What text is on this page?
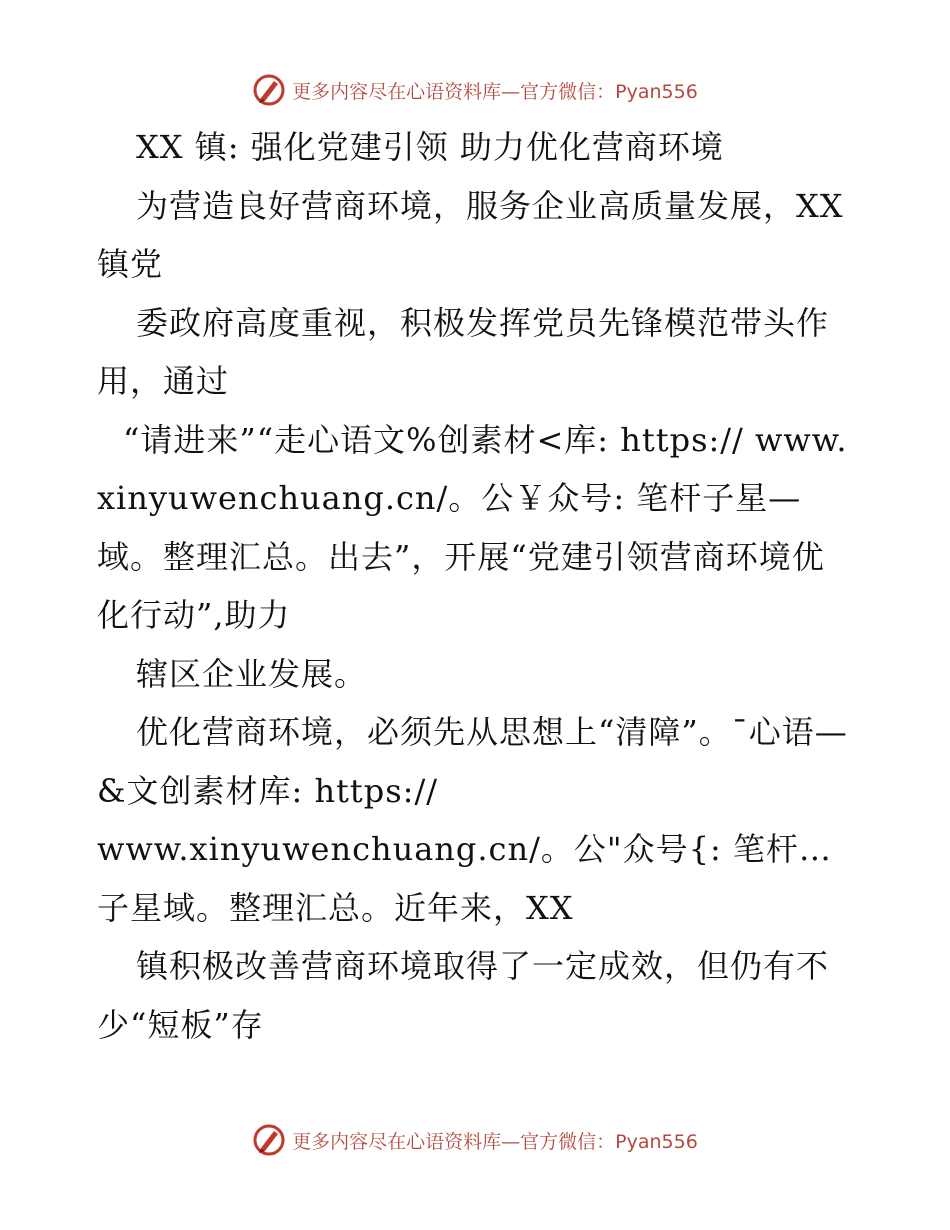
更多内容尽在心语资料库—官方微信：Pyan556

XX 镇: 强化党建引领 助力优化营商环境

为营造良好营商环境，服务企业高质量发展，XX 镇党

委政府高度重视，积极发挥党员先锋模范带头作用，通过

“请进来”“走心语文%创素材<库: https:// www.xinyuwenchuang.cn/。公￥众号: 笔杆子星—域。整理汇总。出去”，开展“党建引领营商环境优化行动”,助力

辖区企业发展。

优化营商环境，必须先从思想上“清障”。¯心语—&文创素材库: https://

www.xinyuwenchuang.cn/。公"众号{: 笔杆…子星域。整理汇总。近年来，XX

镇积极改善营商环境取得了一定成效，但仍有不少“短板”存

更多内容尽在心语资料库—官方微信：Pyan556
